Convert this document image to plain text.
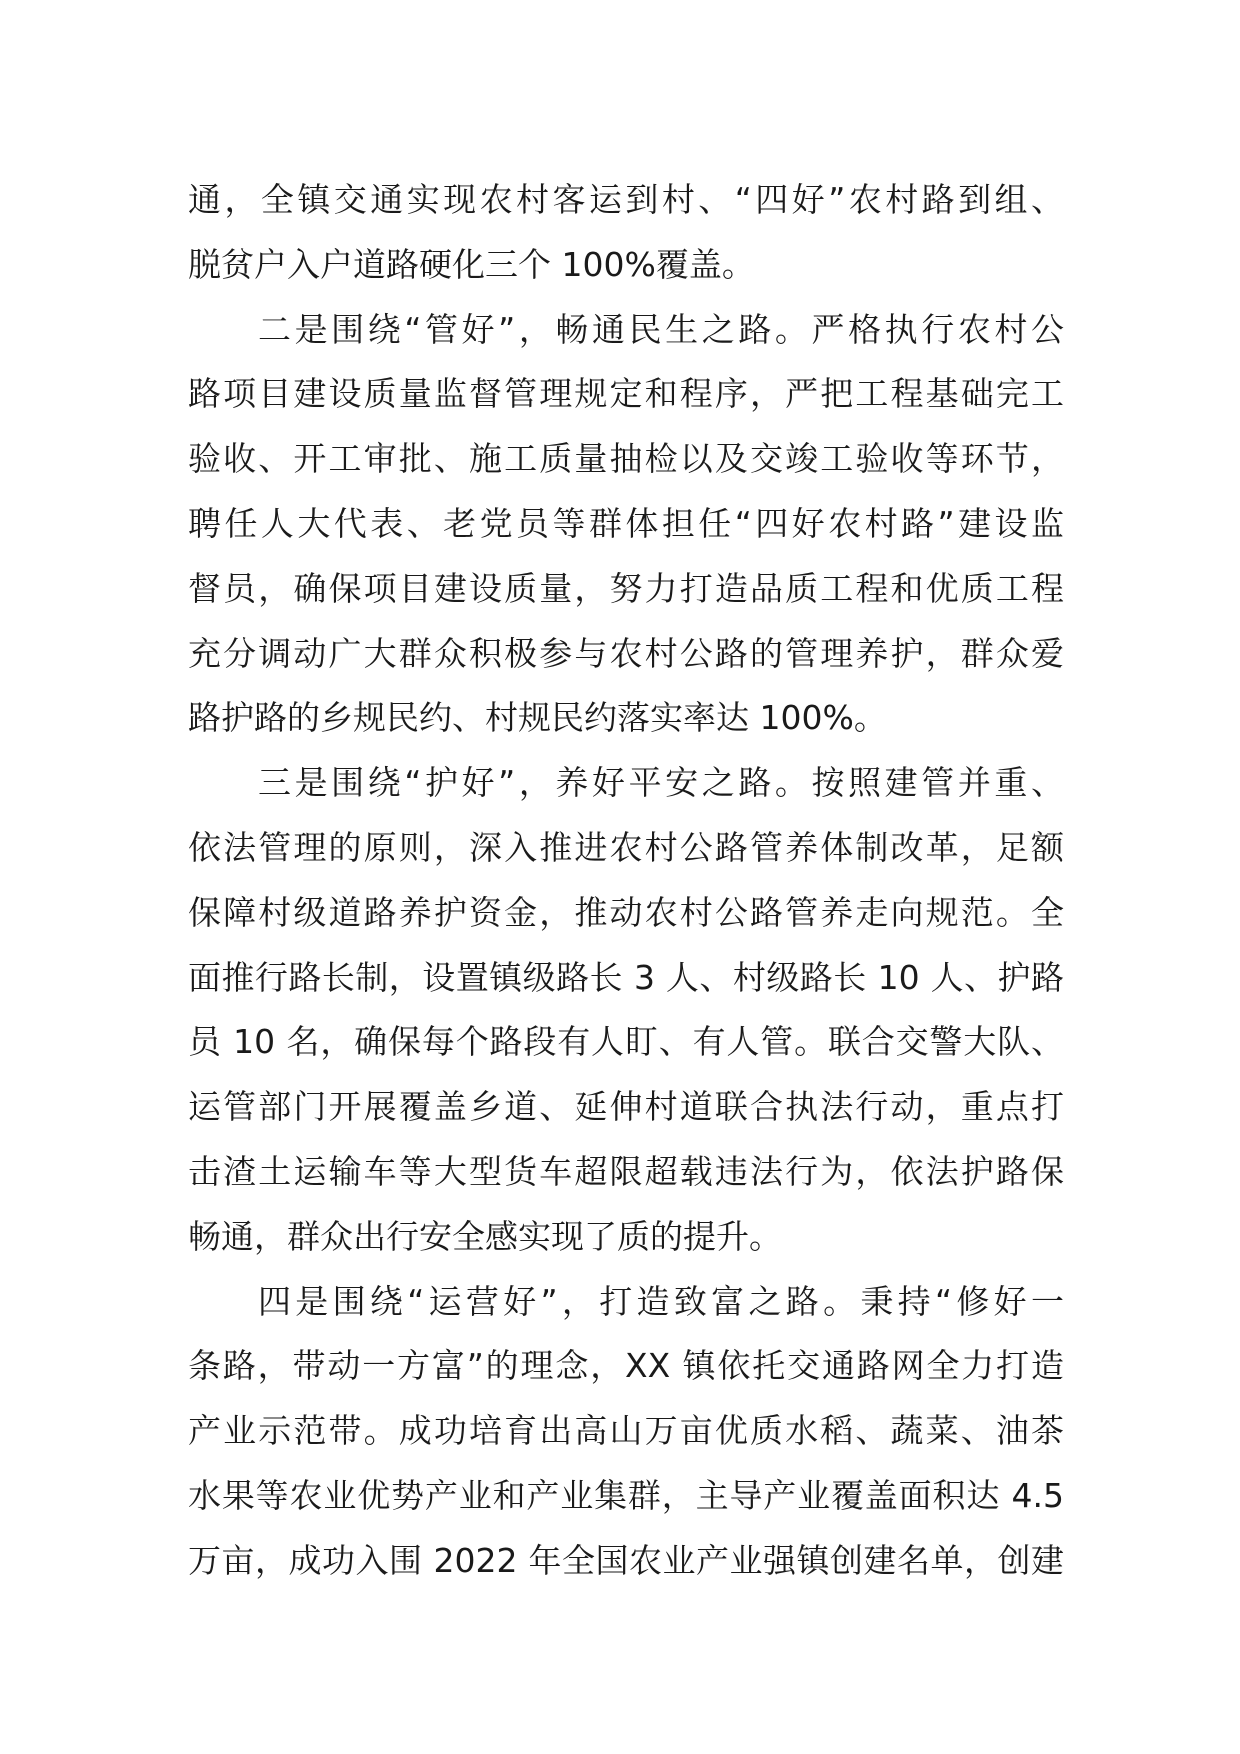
通，全镇交通实现农村客运到村、“四好”农村路到组、
脱贫户入户道路硬化三个 100%覆盖。
二是围绕“管好”，畅通民生之路。严格执行农村公
路项目建设质量监督管理规定和程序，严把工程基础完工
验收、开工审批、施工质量抽检以及交竣工验收等环节，
聘任人大代表、老党员等群体担任“四好农村路”建设监
督员，确保项目建设质量，努力打造品质工程和优质工程
充分调动广大群众积极参与农村公路的管理养护，群众爱
路护路的乡规民约、村规民约落实率达 100%。
三是围绕“护好”，养好平安之路。按照建管并重、
依法管理的原则，深入推进农村公路管养体制改革，足额
保障村级道路养护资金，推动农村公路管养走向规范。全
面推行路长制，设置镇级路长 3 人、村级路长 10 人、护路
员 10 名，确保每个路段有人盯、有人管。联合交警大队、
运管部门开展覆盖乡道、延伸村道联合执法行动，重点打
击渣土运输车等大型货车超限超载违法行为，依法护路保
畅通，群众出行安全感实现了质的提升。
四是围绕“运营好”，打造致富之路。秉持“修好一
条路，带动一方富”的理念，XX 镇依托交通路网全力打造
产业示范带。成功培育出高山万亩优质水稻、蔬菜、油茶
水果等农业优势产业和产业集群，主导产业覆盖面积达 4.5
万亩，成功入围 2022 年全国农业产业强镇创建名单，创建
